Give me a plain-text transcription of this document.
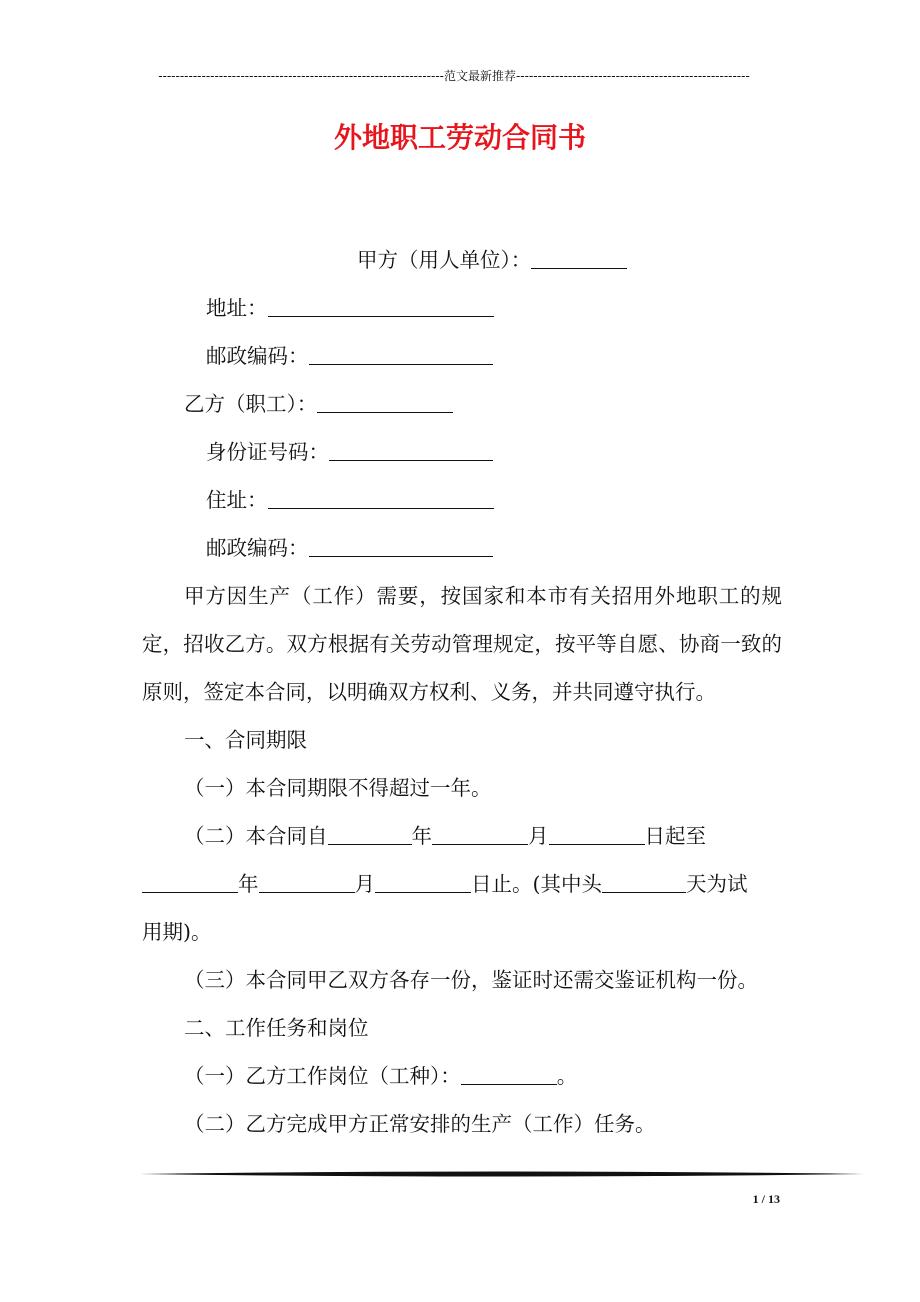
------------------------------------------------------------------范文最新推荐------------------------------------------------------
外地职工劳动合同书

甲方（用人单位）：

地址：

邮政编码：

乙方（职工）：

身份证号码：

住址：

邮政编码：

甲方因生产（工作）需要，按国家和本市有关招用外地职工的规定，招收乙方。双方根据有关劳动管理规定，按平等自愿、协商一致的原则，签定本合同，以明确双方权利、义务，并共同遵守执行。

一、合同期限

（一）本合同期限不得超过一年。

（二）本合同自	年	月	日起至

年	月	日止。(其中头	天为试

用期)。

（三）本合同甲乙双方各存一份，鉴证时还需交鉴证机构一份。

二、工作任务和岗位

（一）乙方工作岗位（工种）：	。

（二）乙方完成甲方正常安排的生产（工作）任务。

1 / 13
